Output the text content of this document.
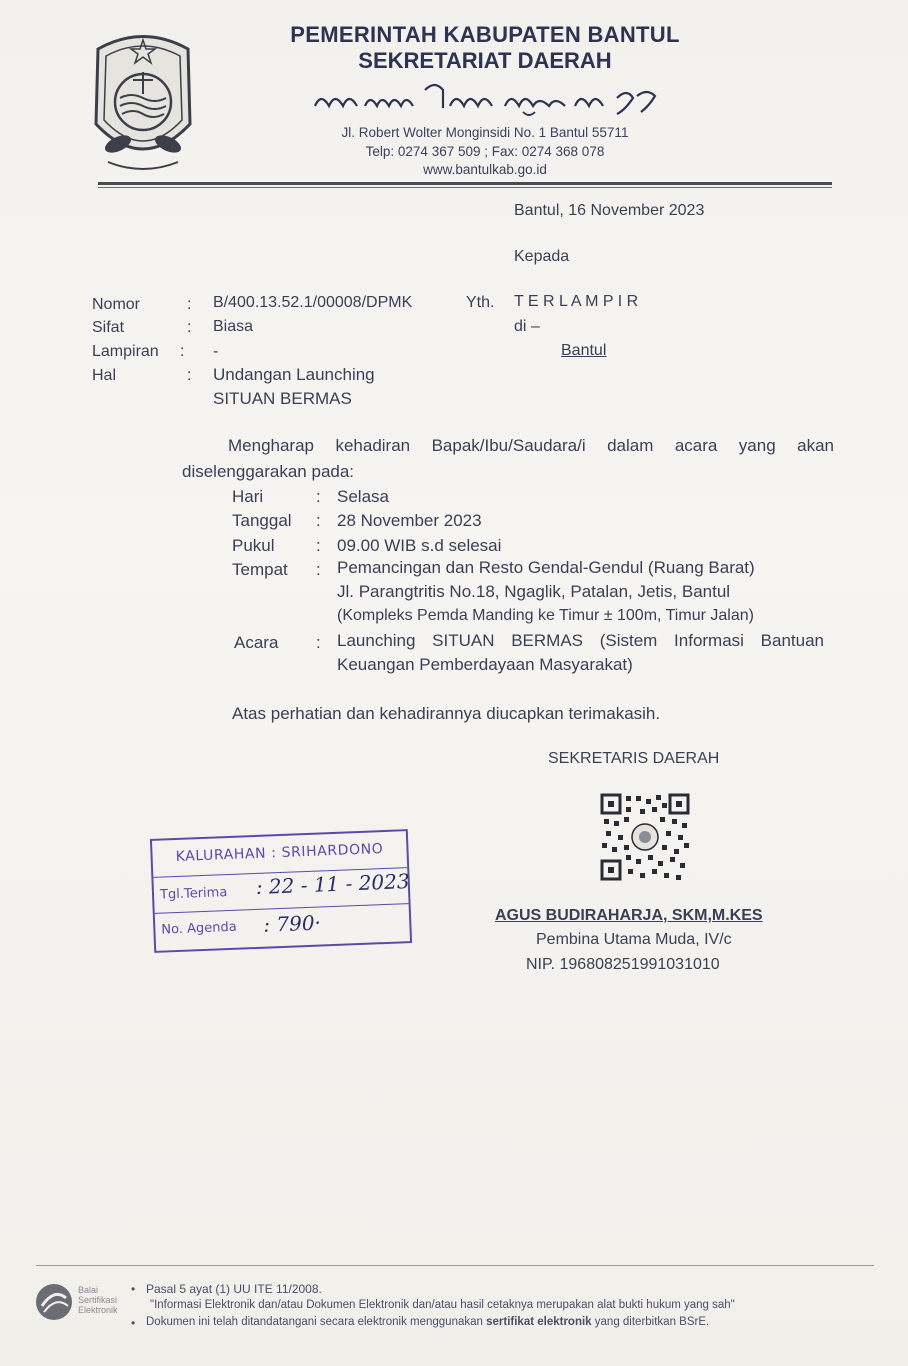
PEMERINTAH KABUPATEN BANTUL
SEKRETARIAT DAERAH
Jl. Robert Wolter Monginsidi No. 1 Bantul 55711
Telp: 0274 367 509 ; Fax: 0274 368 078
www.bantulkab.go.id
Bantul, 16 November 2023
Kepada
Nomor	: B/400.13.52.1/00008/DPMK
Sifat	: Biasa
Lampiran : -
Hal	: Undangan Launching
SITUAN BERMAS
Yth. T E R L A M P I R
di –
Bantul
Mengharap kehadiran Bapak/Ibu/Saudara/i dalam acara yang akan
diselenggarakan pada:
Hari	: Selasa
Tanggal : 28 November 2023
Pukul : 09.00 WIB s.d selesai
Tempat : Pemancingan dan Resto Gendal-Gendul (Ruang Barat)
Jl. Parangtritis No.18, Ngaglik, Patalan, Jetis, Bantul
(Kompleks Pemda Manding ke Timur ± 100m, Timur Jalan)
Acara : Launching SITUAN BERMAS (Sistem Informasi Bantuan
Keuangan Pemberdayaan Masyarakat)
Atas perhatian dan kehadirannya diucapkan terimakasih.
SEKRETARIS DAERAH
AGUS BUDIRAHARJA, SKM,M.KES
Pembina Utama Muda, IV/c
NIP. 196808251991031010
KALURAHAN : SRIHARDONO
Tgl.Terima : 22 - 11 - 2023
No. Agenda : 790·
Balai Sertifikasi Elektronik
• Pasal 5 ayat (1) UU ITE 11/2008.
"Informasi Elektronik dan/atau Dokumen Elektronik dan/atau hasil cetaknya merupakan alat bukti hukum yang sah"
• Dokumen ini telah ditandatangani secara elektronik menggunakan sertifikat elektronik yang diterbitkan BSrE.
